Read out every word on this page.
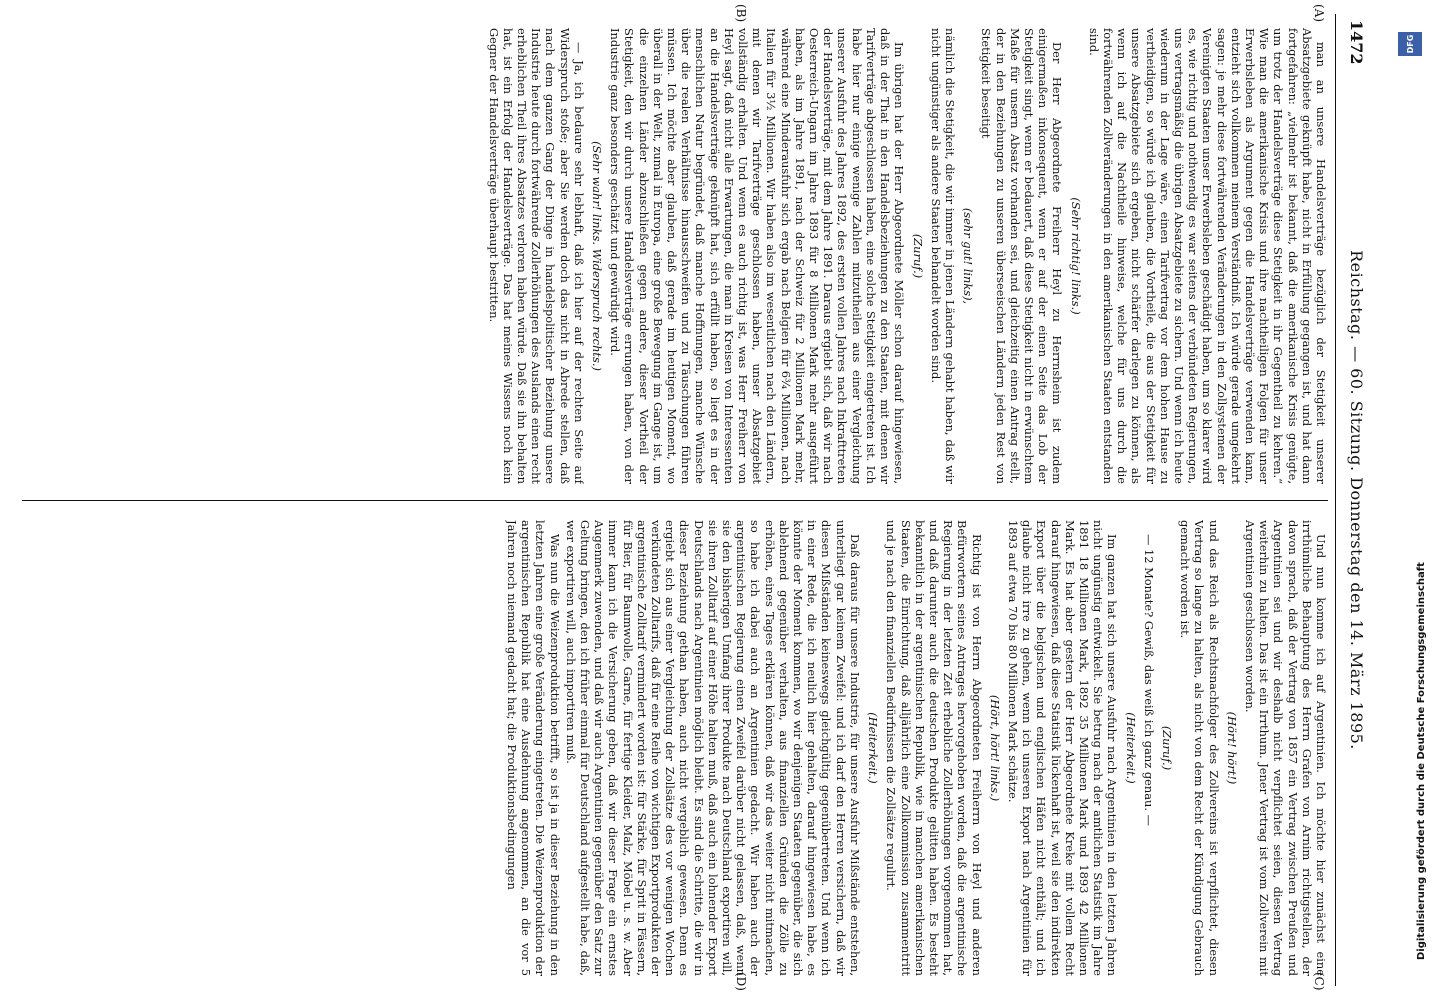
1472
Reichstag. — 60. Sitzung. Donnerstag den 14. März 1895.
(A)
(B)
(C)
(D)

man an unsere Handelsverträge bezüglich der Stetigkeit unserer Absatzgebiete geknüpft habe, nicht in Erfüllung gegangen ist, und hat dann fortgefahren: „vielmehr ist bekannt, daß die amerikanische Krisis genügte, um trotz der Handelsverträge diese Stetigkeit in ihr Gegentheil zu kehren.“ Wie man die amerikanische Krisis und ihre nachtheiligen Folgen für unser Erwerbsleben als Argument gegen die Handelsverträge verwenden kann, entzieht sich vollkommen meinem Verständniß. Ich würde gerade umgekehrt sagen: je mehr diese fortwährenden Veränderungen in den Zollsystemen der Vereinigten Staaten unser Erwerbsleben geschädigt haben, um so klarer wird es, wie richtig und nothwendig es war seitens der verbündeten Regierungen, uns vertragsmäßig die übrigen Absatzgebiete zu sichern. Und wenn ich heute wiederum in der Lage wäre, einen Tarifvertrag vor dem hohen Hause zu vertheidigen, so würde ich glauben, die Vortheile, die aus der Stetigkeit für unsere Absatzgebiete sich ergeben, nicht schärfer darlegen zu können, als wenn ich auf die Nachtheile hinweise, welche für uns durch die fortwährenden Zollveränderungen in den amerikanischen Staaten entstanden sind.

(Sehr richtig! links.)

Der Herr Abgeordnete Freiherr Heyl zu Herrnsheim ist zudem einigermaßen inkonsequent, wenn er auf der einen Seite das Lob der Stetigkeit singt, wenn er bedauert, daß diese Stetigkeit nicht in erwünschtem Maße für unsern Absatz vorhanden sei, und gleichzeitig einen Antrag stellt, der in den Beziehungen zu unseren überseeischen Ländern jeden Rest von Stetigkeit beseitigt

(sehr gut! links),

nämlich die Stetigkeit, die wir immer in jenen Ländern gehabt haben, daß wir nicht ungünstiger als andere Staaten behandelt worden sind.

(Zuruf.)

Im übrigen hat der Herr Abgeordnete Möller schon darauf hingewiesen, daß in der That in den Handelsbeziehungen zu den Staaten, mit denen wir Tarifverträge abgeschlossen haben, eine solche Stetigkeit eingetreten ist. Ich habe hier nur einige wenige Zahlen mitzutheilen aus einer Vergleichung unserer Ausfuhr des Jahres 1892, des ersten vollen Jahres nach Inkrafttreten der Handelsverträge, mit dem Jahre 1891. Daraus ergiebt sich, daß wir nach Oesterreich-Ungarn im Jahre 1893 für 8 Millionen Mark mehr ausgeführt haben, als im Jahre 1891, nach der Schweiz für 2 Millionen Mark mehr, während eine Minderausfuhr sich ergab nach Belgien für 6¾ Millionen, nach Italien für 3½ Millionen. Wir haben also im wesentlichen nach den Ländern, mit denen wir Tarifverträge geschlossen haben, unser Absatzgebiet vollständig erhalten. Und wenn es auch richtig ist, was Herr Freiherr von Heyl sagt, daß nicht alle Erwartungen, die man in Kreisen von Interessenten an die Handelsverträge geknüpft hat, sich erfüllt haben, so liegt es in der menschlichen Natur begründet, daß manche Hoffnungen, manche Wünsche über die realen Verhältnisse hinausschweifen und zu Täuschungen führen müssen. Ich möchte aber glauben, daß gerade im heutigen Moment, wo überall in der Welt, zumal in Europa, eine große Bewegung im Gange ist, um die einzelnen Länder abzuschließen gegen andere, dieser Vortheil der Stetigkeit, den wir durch unsere Handelsverträge errungen haben, von der Industrie ganz besonders geschätzt und gewürdigt wird.

(Sehr wahr! links. Widerspruch rechts.)

— Ja, ich bedaure sehr lebhaft, daß ich hier auf der rechten Seite auf Widerspruch stoße; aber Sie werden doch das nicht in Abrede stellen, daß nach dem ganzen Gang der Dinge in handelspolitischer Beziehung unsere Industrie heute durch fortwährende Zollerhöhungen des Auslands einen recht erheblichen Theil ihres Absatzes verloren haben würde. Daß sie ihn behalten hat, ist ein Erfolg der Handelsverträge. Das hat meines Wissens noch kein Gegner der Handelsverträge überhaupt bestritten.

Und nun komme ich auf Argentinien. Ich möchte hier zunächst eine irrthümliche Behauptung des Herrn Grafen von Arnim richtigstellen, der davon sprach, daß der Vertrag von 1857 ein Vertrag zwischen Preußen und Argentinien sei und wir deshalb nicht verpflichtet seien, diesen Vertrag weiterhin zu halten. Das ist ein Irrthum. Jener Vertrag ist vom Zollverein mit Argentinien geschlossen worden.

(Hört! hört!)

und das Reich als Rechtsnachfolger des Zollvereins ist verpflichtet, diesen Vertrag so lange zu halten, als nicht von dem Recht der Kündigung Gebrauch gemacht worden ist.

(Zuruf.)

— 12 Monate? Gewiß, das weiß ich ganz genau. —

(Heiterkeit.)

Im ganzen hat sich unsere Ausfuhr nach Argentinien in den letzten Jahren nicht ungünstig entwickelt. Sie betrug nach der amtlichen Statistik im Jahre 1891 18 Millionen Mark, 1892 35 Millionen Mark und 1893 42 Millionen Mark. Es hat aber gestern der Herr Abgeordnete Kreke mit vollem Recht darauf hingewiesen, daß diese Statistik lückenhaft ist, weil sie den indirekten Export über die belgischen und englischen Häfen nicht enthält; und ich glaube nicht irre zu gehen, wenn ich unseren Export nach Argentinien für 1893 auf etwa 70 bis 80 Millionen Mark schätze.

(Hört, hört! links.)

Richtig ist von Herrn Abgeordneten Freiherrn von Heyl und anderen Befürwortern seines Antrages hervorgehoben worden, daß die argentinische Regierung in der letzten Zeit erhebliche Zollerhöhungen vorgenommen hat, und daß darunter auch die deutschen Produkte gelitten haben. Es besteht bekanntlich in der argentinischen Republik, wie in manchen amerikanischen Staaten, die Einrichtung, daß alljährlich eine Zollkommission zusammentritt und je nach den finanziellen Bedürfnissen die Zollsätze regulirt.

(Heiterkeit.)

Daß daraus für unsere Industrie, für unsere Ausfuhr Mißstände entstehen, unterliegt gar keinem Zweifel: und ich darf den Herren versichern, daß wir diesen Mißständen keineswegs gleichgültig gegenübertreten. Und wenn ich in einer Rede, die ich neulich hier gehalten, darauf hingewiesen habe, es könnte der Moment kommen, wo wir denjenigen Staaten gegenüber, die sich ablehnend gegenüber verhalten, aus finanziellen Gründen die Zölle zu erhöhen, eines Tages erklären können, daß wir das weiter nicht mitmachen, so habe ich dabei auch an Argentinien gedacht. Wir haben auch der argentinischen Regierung einen Zweifel darüber nicht gelassen, daß, wenn sie den bisherigen Umfang ihrer Produkte nach Deutschland exportiren will, sie ihren Zolltarif auf einer Höhe halten muß, daß auch ein lohnender Export Deutschlands nach Argentinien möglich bleibt. Es sind die Schritte, die wir in dieser Beziehung gethan haben, auch nicht vergeblich gewesen. Denn es ergiebt sich aus einer Vergleichung der Zollsätze des vor wenigen Wochen verkündeten Zolltarifs, daß für eine Reihe von wichtigen Exportprodukten der argentinische Zolltarif vermindert worden ist: für Stärke, für Sprit in Fässern, für Bier, für Baumwolle, Garne, für fertige Kleider, Malz, Möbel u. s. w. Aber immer kann ich die Versicherung geben, daß wir dieser Frage ein ernstes Augenmerk zuwenden, und daß wir auch Argentinien gegenüber den Satz zur Geltung bringen, den ich früher einmal für Deutschland aufgestellt habe, daß, wer exportiren will, auch importiren muß.

Was nun die Weizenproduktion betrifft, so ist ja in dieser Beziehung in den letzten Jahren eine große Veränderung eingetreten. Die Weizenproduktion der argentinischen Republik hat eine Ausdehnung angenommen, an die vor 5 Jahren noch niemand gedacht hat; die Produktionsbedingungen	Digitalisierung gefördert durch die Deutsche Forschungsgemeinschaft
DFG
